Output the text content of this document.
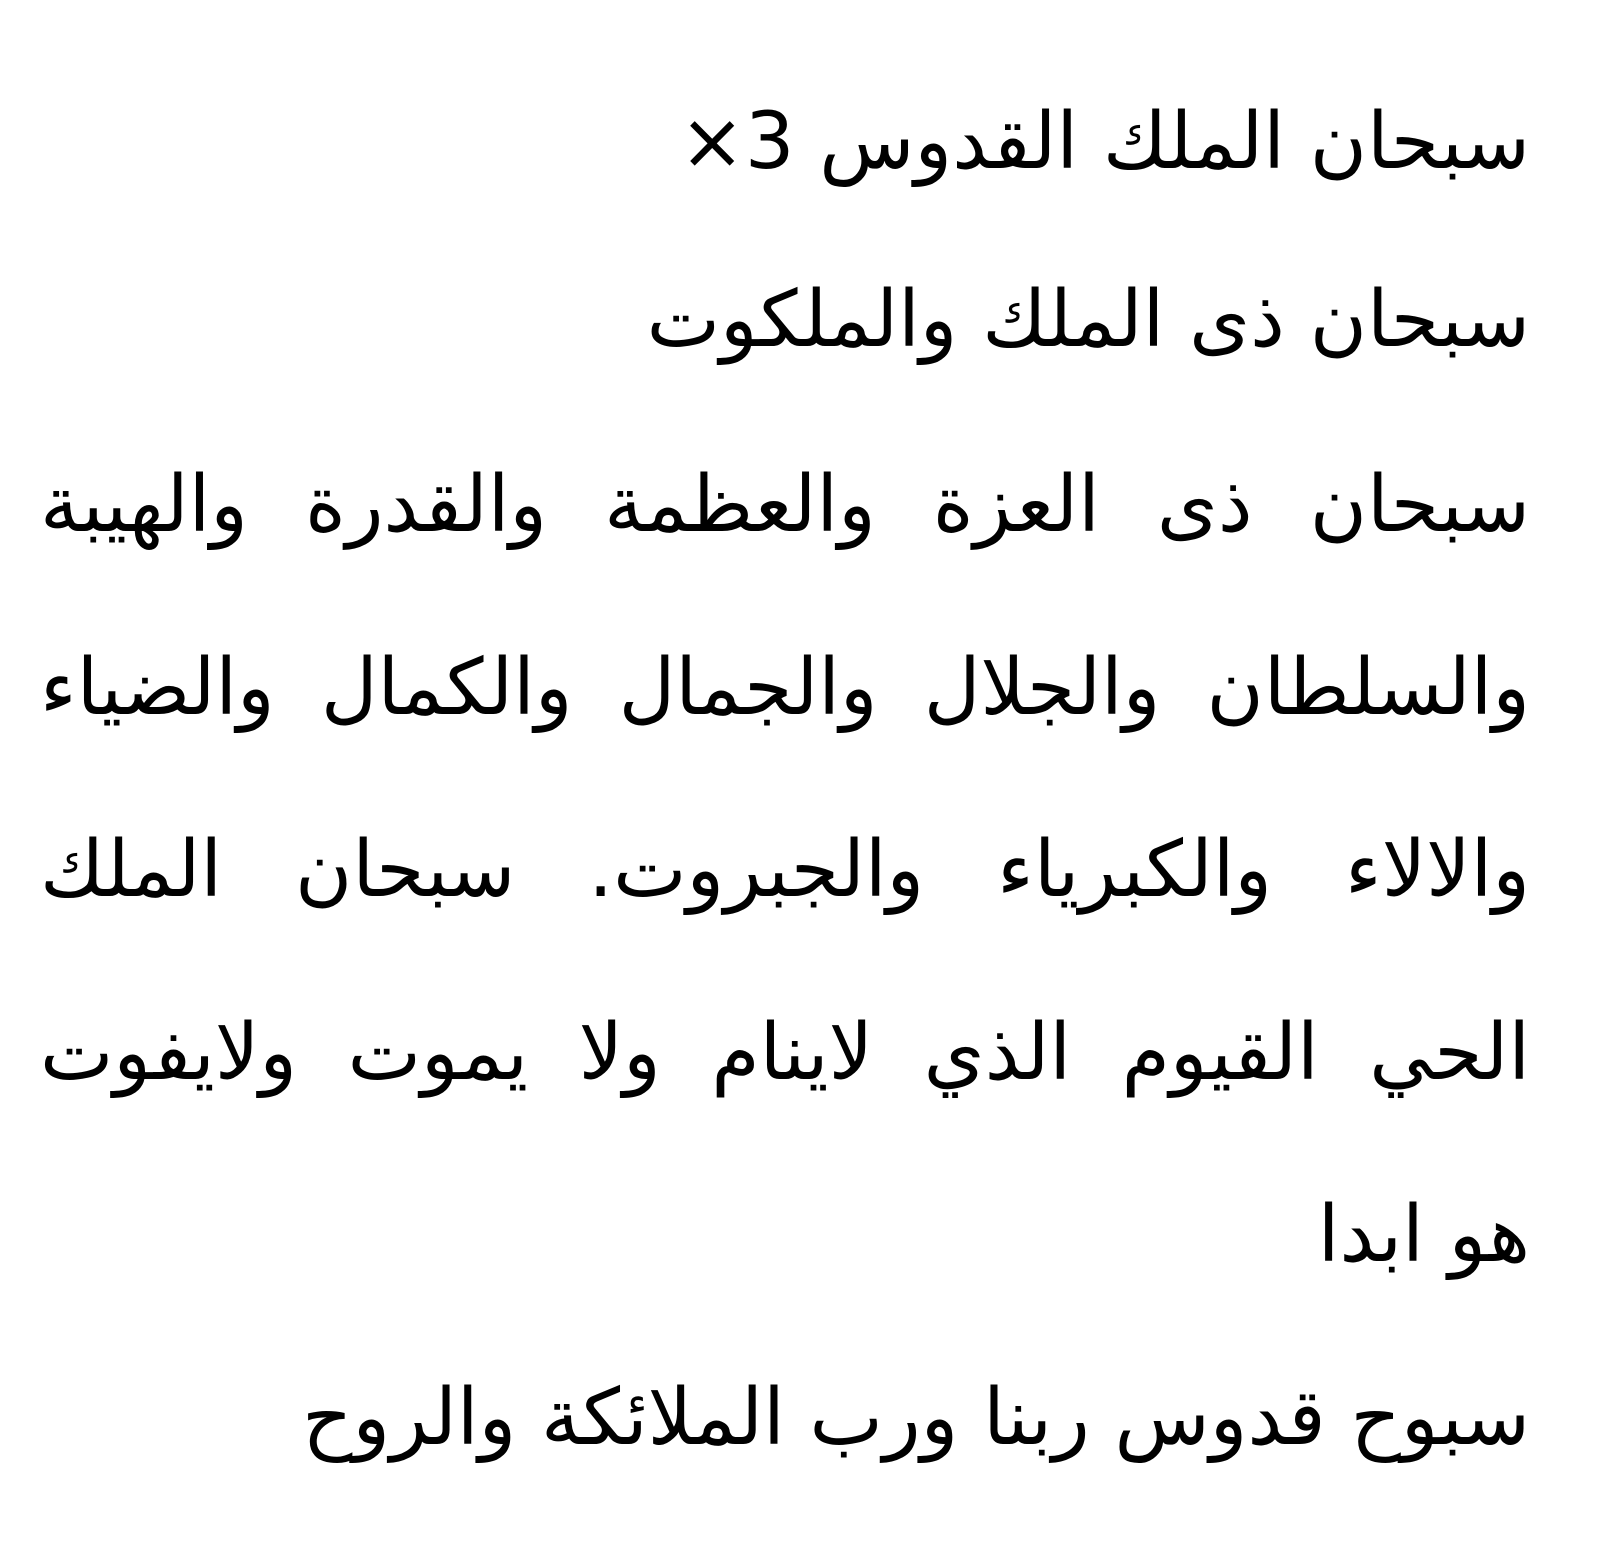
سبحان الملك القدوس 3×
سبحان ذى الملك والملكوت
سبحان ذى العزة والعظمة والقدرة والهيبة
والسلطان والجلال والجمال والكمال والضياء
والالاء والكبرياء والجبروت. سبحان الملك
الحي القيوم الذي لاينام ولا يموت ولايفوت
هو ابدا
سبوح قدوس ربنا ورب الملائكة والروح
